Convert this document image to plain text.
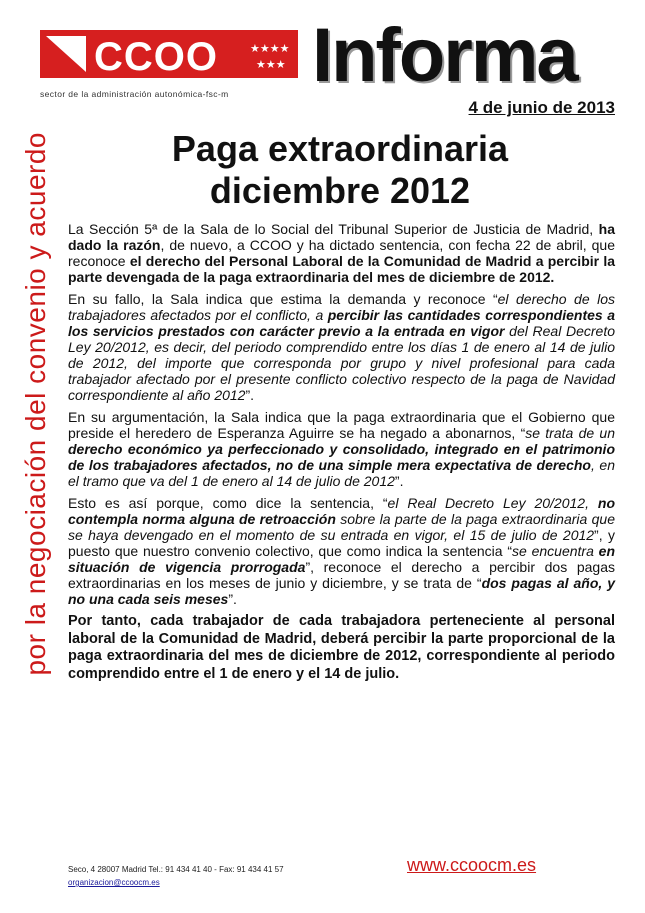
CCOO	★★★★
★★★
sector de la administración autonómica-fsc-m Informa
4 de junio de 2013
Paga extraordinaria diciembre 2012
por la negociación del convenio y acuerdo La Sección 5ª de la Sala de lo Social del Tribunal Superior de Justicia de Madrid, ha dado la razón, de nuevo, a CCOO y ha dictado sentencia, con fecha 22 de abril, que reconoce el derecho del Personal Laboral de la Comunidad de Madrid a percibir la parte devengada de la paga extraordinaria del mes de diciembre de 2012.

En su fallo, la Sala indica que estima la demanda y reconoce “el derecho de los trabajadores afectados por el conflicto, a percibir las cantidades correspondientes a los servicios prestados con carácter previo a la entrada en vigor del Real Decreto Ley 20/2012, es decir, del periodo comprendido entre los días 1 de enero al 14 de julio de 2012, del importe que corresponda por grupo y nivel profesional para cada trabajador afectado por el presente conflicto colectivo respecto de la paga de Navidad correspondiente al año 2012”.

En su argumentación, la Sala indica que la paga extraordinaria que el Gobierno que preside el heredero de Esperanza Aguirre se ha negado a abonarnos, “se trata de un derecho económico ya perfeccionado y consolidado, integrado en el patrimonio de los trabajadores afectados, no de una simple mera expectativa de derecho, en el tramo que va del 1 de enero al 14 de julio de 2012”.

Esto es así porque, como dice la sentencia, “el Real Decreto Ley 20/2012, no contempla norma alguna de retroacción sobre la parte de la paga extraordinaria que se haya devengado en el momento de su entrada en vigor, el 15 de julio de 2012”, y puesto que nuestro convenio colectivo, que como indica la sentencia “se encuentra en situación de vigencia prorrogada”, reconoce el derecho a percibir dos pagas extraordinarias en los meses de junio y diciembre, y se trata de “dos pagas al año, y no una cada seis meses”.

Por tanto, cada trabajador de cada trabajadora perteneciente al personal laboral de la Comunidad de Madrid, deberá percibir la parte proporcional de la paga extraordinaria del mes de diciembre de 2012, correspondiente al periodo comprendido entre el 1 de enero y el 14 de julio.

Seco, 4 28007 Madrid Tel.: 91 434 41 40 - Fax: 91 434 41 57
organizacion@ccoocm.es
www.ccoocm.es
